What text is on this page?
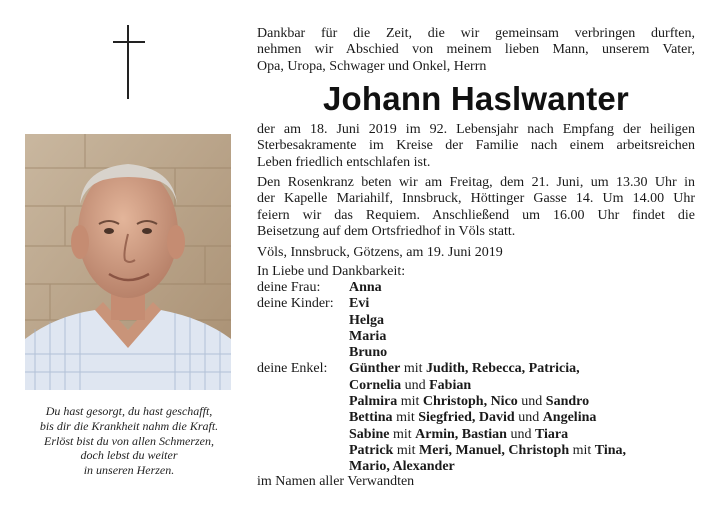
Du hast gesorgt, du hast geschafft,
bis dir die Krankheit nahm die Kraft.
Erlöst bist du von allen Schmerzen,
doch lebst du weiter
in unseren Herzen.
Dankbar für die Zeit, die wir gemeinsam verbringen durften,
nehmen wir Abschied von meinem lieben Mann, unserem Vater,
Opa, Uropa, Schwager und Onkel, Herrn
Johann Haslwanter
der am 18. Juni 2019 im 92. Lebensjahr nach Empfang der heiligen
Sterbesakramente im Kreise der Familie nach einem arbeitsreichen
Leben friedlich entschlafen ist.
Den Rosenkranz beten wir am Freitag, dem 21. Juni, um 13.30 Uhr in
der Kapelle Mariahilf, Innsbruck, Höttinger Gasse 14. Um 14.00 Uhr
feiern wir das Requiem. Anschließend um 16.00 Uhr findet die
Beisetzung auf dem Ortsfriedhof in Völs statt.
Völs, Innsbruck, Götzens, am 19. Juni 2019
In Liebe und Dankbarkeit:
deine Frau: Anna
deine Kinder: Evi
Helga
Maria
Bruno
deine Enkel: Günther mit Judith, Rebecca, Patricia,
Cornelia und Fabian
Palmira mit Christoph, Nico und Sandro
Bettina mit Siegfried, David und Angelina
Sabine mit Armin, Bastian und Tiara
Patrick mit Meri, Manuel, Christoph mit Tina,
Mario, Alexander
im Namen aller Verwandten
